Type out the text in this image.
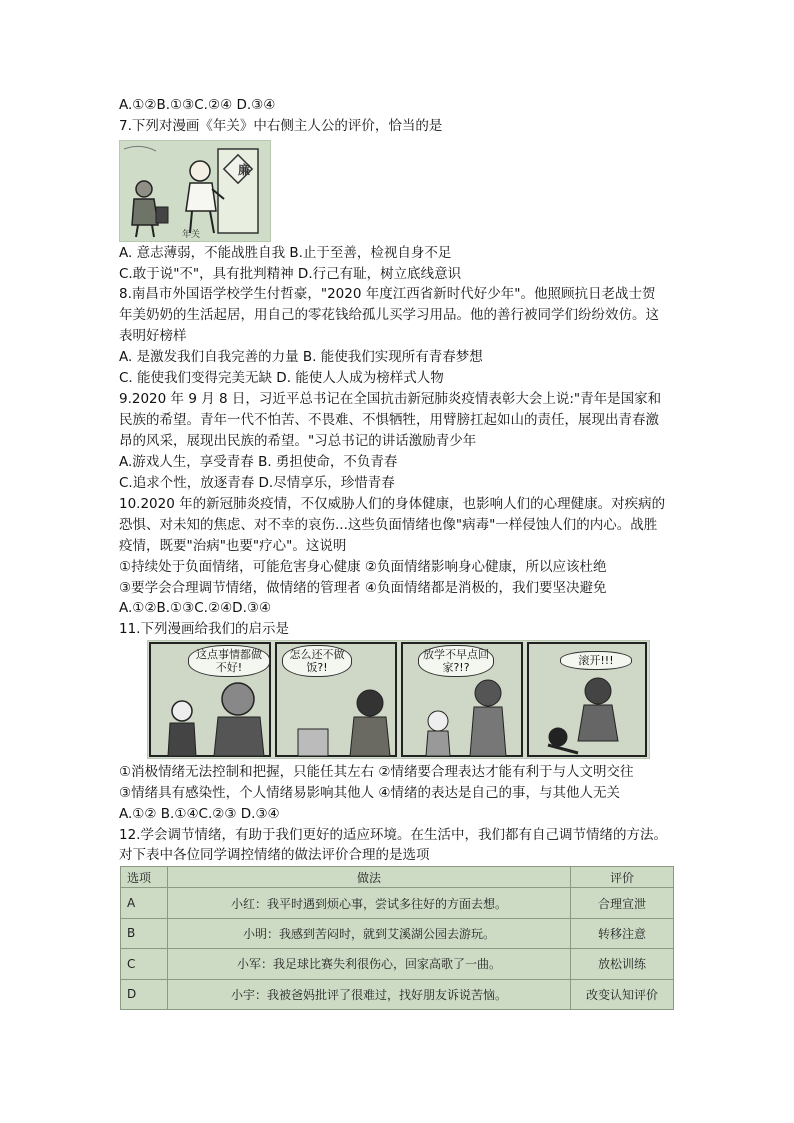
A.①②B.①③C.②④ D.③④
7.下列对漫画《年关》中右侧主人公的评价，恰当的是
廉
年关
A. 意志薄弱，不能战胜自我 B.止于至善，检视自身不足
C.敢于说"不"，具有批判精神 D.行己有耻，树立底线意识
8.南昌市外国语学校学生付哲豪，"2020 年度江西省新时代好少年"。他照顾抗日老战士贺
年美奶奶的生活起居，用自己的零花钱给孤儿买学习用品。他的善行被同学们纷纷效仿。这
表明好榜样
A. 是激发我们自我完善的力量 B. 能使我们实现所有青春梦想
C. 能使我们变得完美无缺 D. 能使人人成为榜样式人物
9.2020 年 9 月 8 日，习近平总书记在全国抗击新冠肺炎疫情表彰大会上说:"青年是国家和
民族的希望。青年一代不怕苦、不畏难、不惧牺牲，用臂膀扛起如山的责任，展现出青春激
昂的风采，展现出民族的希望。"习总书记的讲话激励青少年
A.游戏人生，享受青春 B. 勇担使命，不负青春
C.追求个性，放逐青春 D.尽情享乐，珍惜青春
10.2020 年的新冠肺炎疫情，不仅威胁人们的身体健康，也影响人们的心理健康。对疾病的
恐惧、对未知的焦虑、对不幸的哀伤...这些负面情绪也像"病毒"一样侵蚀人们的内心。战胜
疫情，既要"治病"也要"疗心"。这说明
①持续处于负面情绪，可能危害身心健康 ②负面情绪影响身心健康，所以应该杜绝
③要学会合理调节情绪，做情绪的管理者 ④负面情绪都是消极的，我们要坚决避免
A.①②B.①③C.②④D.③④
11.下列漫画给我们的启示是
这点事情都做不好!
怎么还不做饭?!
放学不早点回家?!?
滚开!!!
①消极情绪无法控制和把握，只能任其左右 ②情绪要合理表达才能有利于与人文明交往
③情绪具有感染性，个人情绪易影响其他人 ④情绪的表达是自己的事，与其他人无关
A.①② B.①④C.②③ D.③④
12.学会调节情绪，有助于我们更好的适应环境。在生活中，我们都有自己调节情绪的方法。
对下表中各位同学调控情绪的做法评价合理的是选项
选项	做法	评价
A	小红：我平时遇到烦心事，尝试多往好的方面去想。	合理宣泄
B	小明：我感到苦闷时，就到艾溪湖公园去游玩。	转移注意
C	小军：我足球比赛失利很伤心，回家高歌了一曲。	放松训练
D	小宇：我被爸妈批评了很难过，找好朋友诉说苦恼。	改变认知评价
